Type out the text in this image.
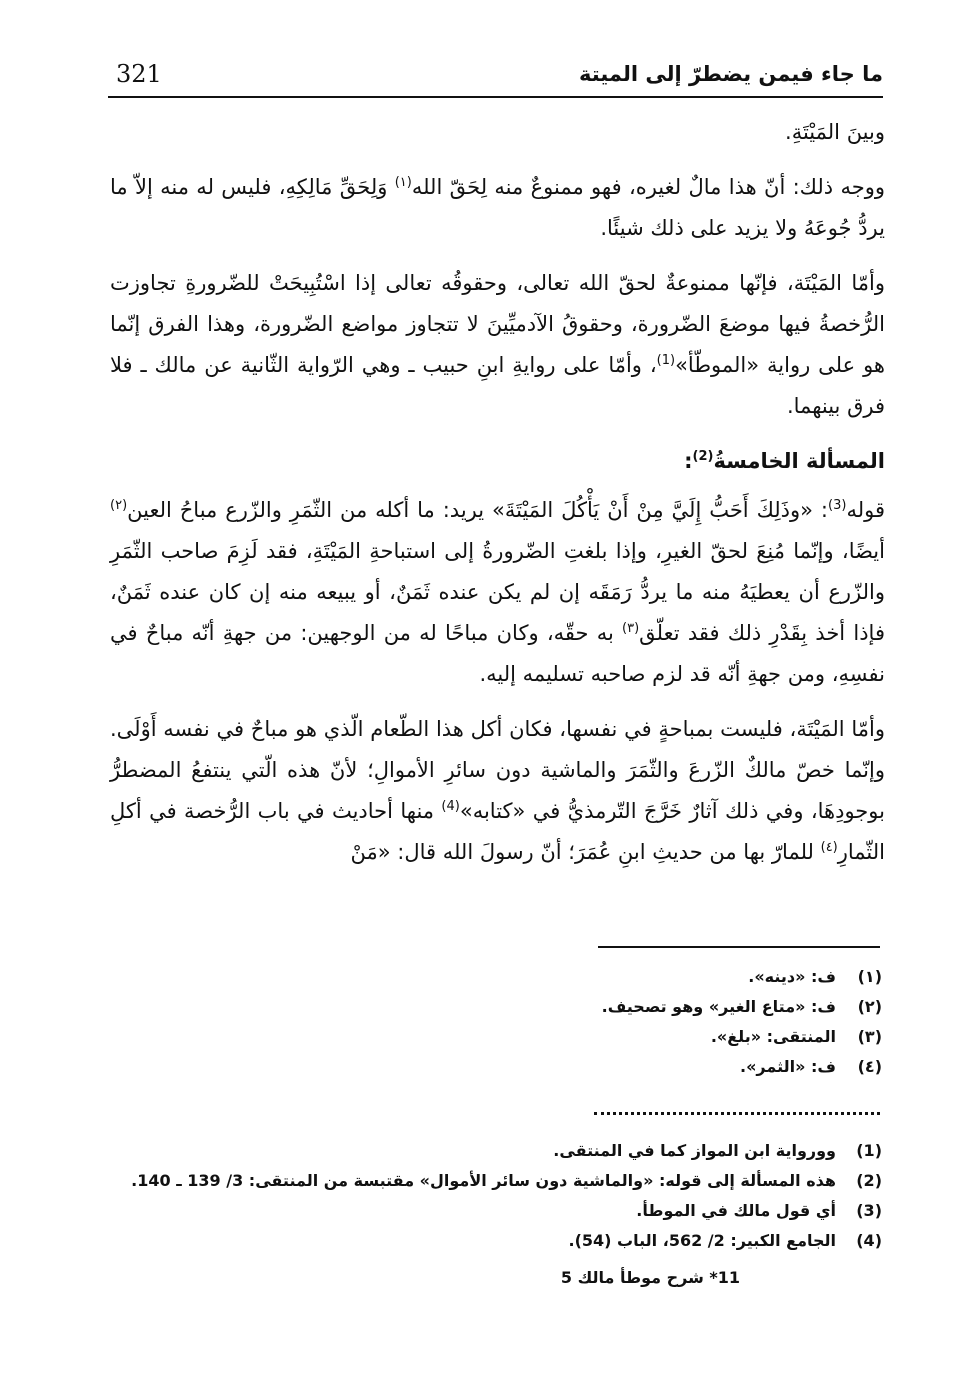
321	ما جاء فيمن يضطرّ إلى الميتة

وبينَ المَيْتَةِ.

ووجه ذلك: أنّ هذا مالٌ لغيره، فهو ممنوعٌ منه لِحَقّ الله$^{(١)}$ وَلِحَقِّ مَالِكِهِ، فليس له منه إلاّ ما يردُّ جُوعَهُ ولا يزيد على ذلك شيئًا.

وأمّا المَيْتَة، فإنّها ممنوعةٌ لحقّ الله تعالى، وحقوقُه تعالى إذا اسْتُبِيحَتْ للضّرورةِ تجاوزت الرُّخصةُ فيها موضعَ الضّرورة، وحقوقُ الآدميِّينَ لا تتجاوز مواضع الضّرورة، وهذا الفرق إنّما هو على رواية «الموطّأ»$^{(1)}$، وأمّا على روايةِ ابنِ حبيب ـ وهي الرّواية الثّانية عن مالك ـ فلا فرق بينهما.

المسألة الخامسةُ$^{(2)}$:

قوله$^{(3)}$: «وذَلِكَ أَحَبُّ إِلَيَّ مِنْ أَنْ يَأْكُلَ المَيْتَةَ» يريد: ما أكله من الثّمَرِ والزّرع مباحُ العين$^{(٢)}$ أيضًا، وإنّما مُنِعَ لحقّ الغيرِ، وإذا بلغتِ الضّرورةُ إلى استباحةِ المَيْتَةِ، فقد لَزِمَ صاحب الثّمَرِ والزّرع أن يعطيَهُ منه ما يردُّ رَمَقَه إن لم يكن عنده ثَمَنٌ، أو يبيعه منه إن كان عنده ثَمَنٌ، فإذا أخذ بِقَدْرِ ذلك فقد تعلّق$^{(٣)}$ به حقّه، وكان مباحًا له من الوجهين: من جهةِ أنّه مباحٌ في نفسِهِ، ومن جهةِ أنّه قد لزم صاحبه تسليمه إليه.

وأمّا المَيْتَة، فليست بمباحةٍ في نفسها، فكان أكل هذا الطّعام الّذي هو مباحٌ في نفسه أَوْلَى. وإنّما خصّ مالكٌ الزّرعَ والثّمَرَ والماشية دون سائرِ الأموالِ؛ لأنّ هذه الّتي ينتفعُ المضطرُّ بوجودِهَا، وفي ذلك آثارٌ خَرَّجَ التّرمذيُّ في «كتابه»$^{(4)}$ منها أحاديث في باب الرُّخصة في أكلِ الثّمارِ$^{(٤)}$ للمارّ بها من حديثِ ابنِ عُمَرَ؛ أنّ رسولَ الله قال: «مَنْ

(١)ف: «دينه».
(٢)ف: «متاع الغير» وهو تصحيف.
(٣)المنتقى: «بلغ».
(٤)ف: «الثمر».
(1)وورواية ابن المواز كما في المنتقى.
(2)هذه المسألة إلى قوله: «والماشية دون سائر الأموال» مقتبسة من المنتقى: 3/ 139 ـ 140.
(3)أي قول مالك في الموطأ.
(4)الجامع الكبير: 2/ 562، الباب (54).
11* شرح موطأ مالك 5
